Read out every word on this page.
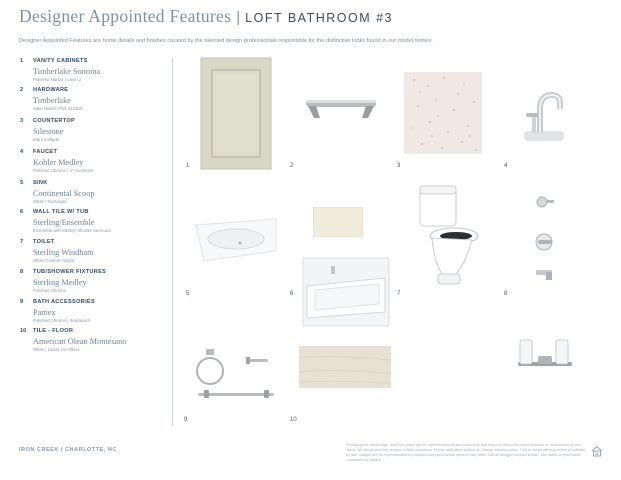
Designer Appointed Features | LOFT BATHROOM #3
Designer Appointed Features are home details and finishes curated by the talented design professionals responsible for the distinctive looks found in our model homes.
1 VANITY CABINETS
Timberlake Sonoma
Polished Harbor | Level 2
2 HARDWARE
Timberlake
Satin Nickel | Pull 42105N
3 COUNTERTOP
Silestone
Blanco Maple
4 FAUCET
Kohler Medley
Polished Chrome | 4" Centerset
5 SINK
Continental Scoop
White | Rectangle
6 WALL TILE W/ TUB
Sterling/Ensemble
Ensemble with Medley Shower Surround
7 TOILET
Sterling Windham
White Comfort Height
8 TUB/SHOWER FIXTURES
Sterling Medley
Polished Chrome
9 BATH ACCESSORIES
Pamex
Polished Chrome | Sea Beach
10 TILE - FLOOR
American Olean Montesano
White | 12x30 1/2 Offset
1	2	3	4
5	6	7	8
9	10
IRON CREEK | CHARLOTTE, NC
Photographs, renderings, and floor plans are for representational purposes only and may not reflect the exact features or dimensions of your home. All dimensions are subject to field conditions. Prices and offers subject to change without notice. This is not an offering where prohibited by law. Images are for representational purposes only and actual product may differ. Not all designs may be shown. See sales or price sales consultant for details.
